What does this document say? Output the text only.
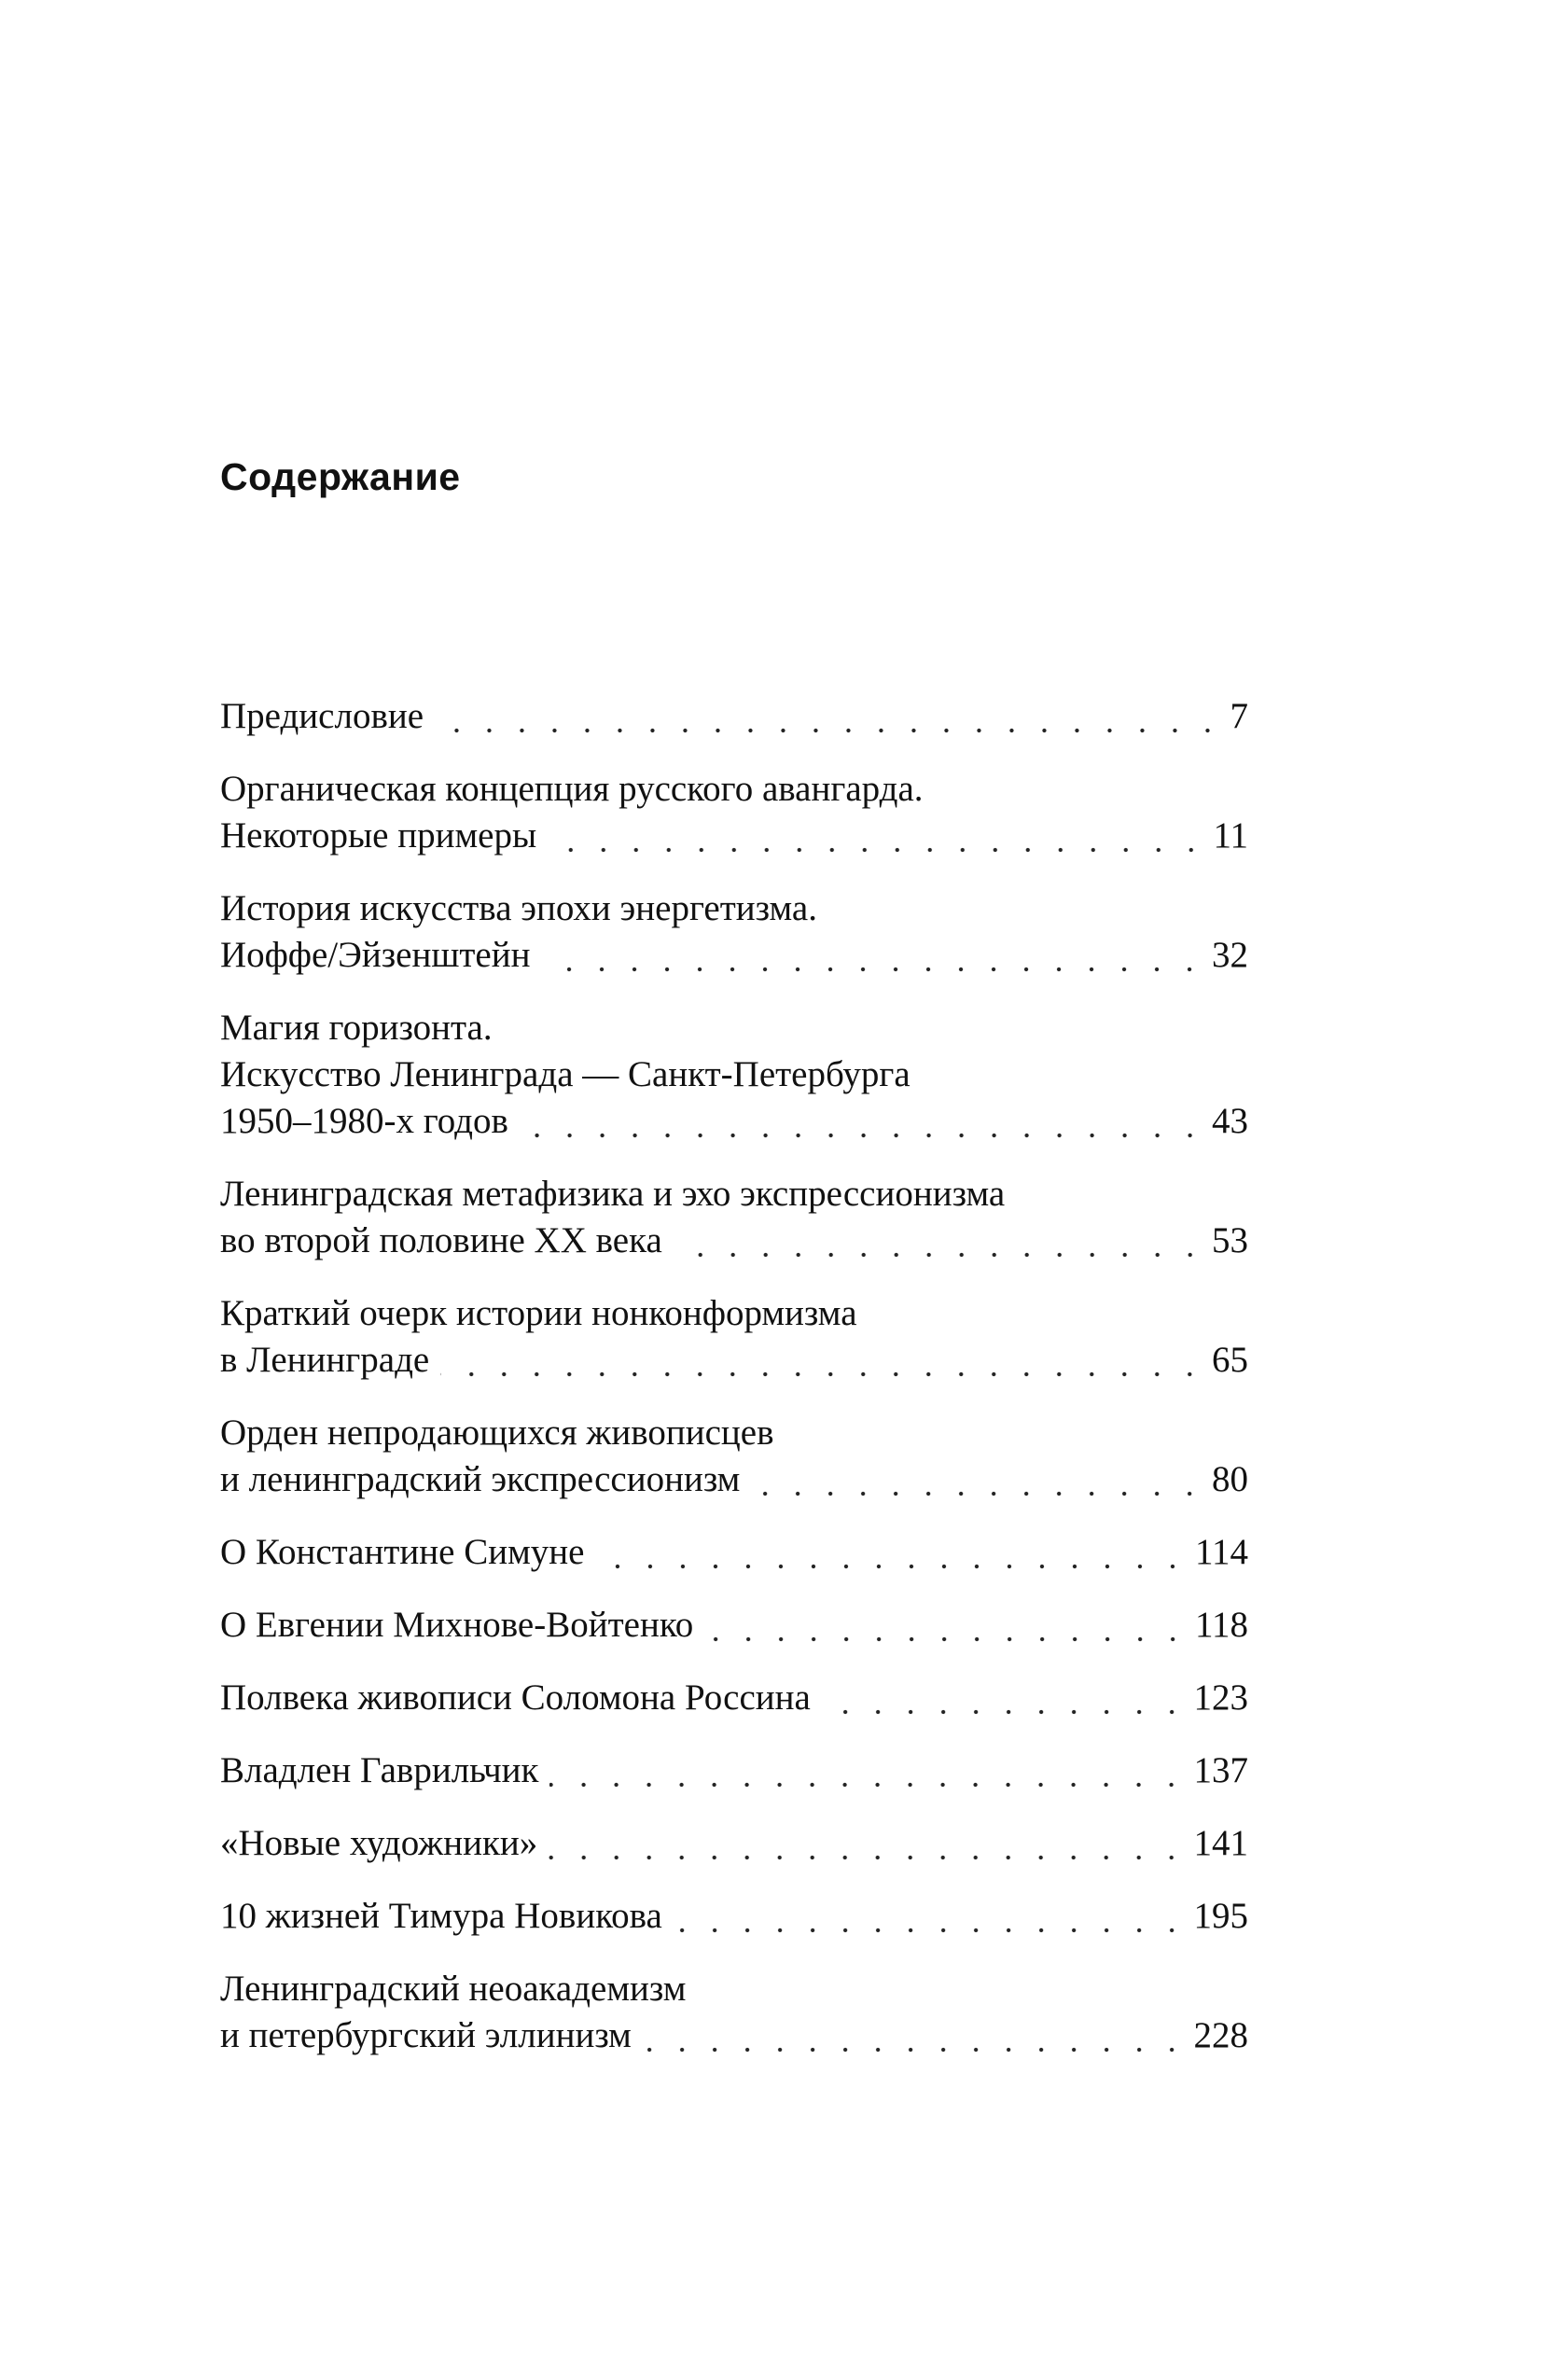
Содержание
Предисловие	7
Органическая концепция русского авангарда.
Некоторые примеры	11
История искусства эпохи энергетизма.
Иоффе/Эйзенштейн	32
Магия горизонта.
Искусство Ленинграда — Санкт-Петербурга
1950–1980-х годов	43
Ленинградская метафизика и эхо экспрессионизма
во второй половине XX века	53
Краткий очерк истории нонконформизма
в Ленинграде	65
Орден непродающихся живописцев
и ленинградский экспрессионизм	80
О Константине Симуне	114
О Евгении Михнове-Войтенко	118
Полвека живописи Соломона Россина	123
Владлен Гаврильчик	137
«Новые художники»	141
10 жизней Тимура Новикова	195
Ленинградский неоакадемизм
и петербургский эллинизм	228
